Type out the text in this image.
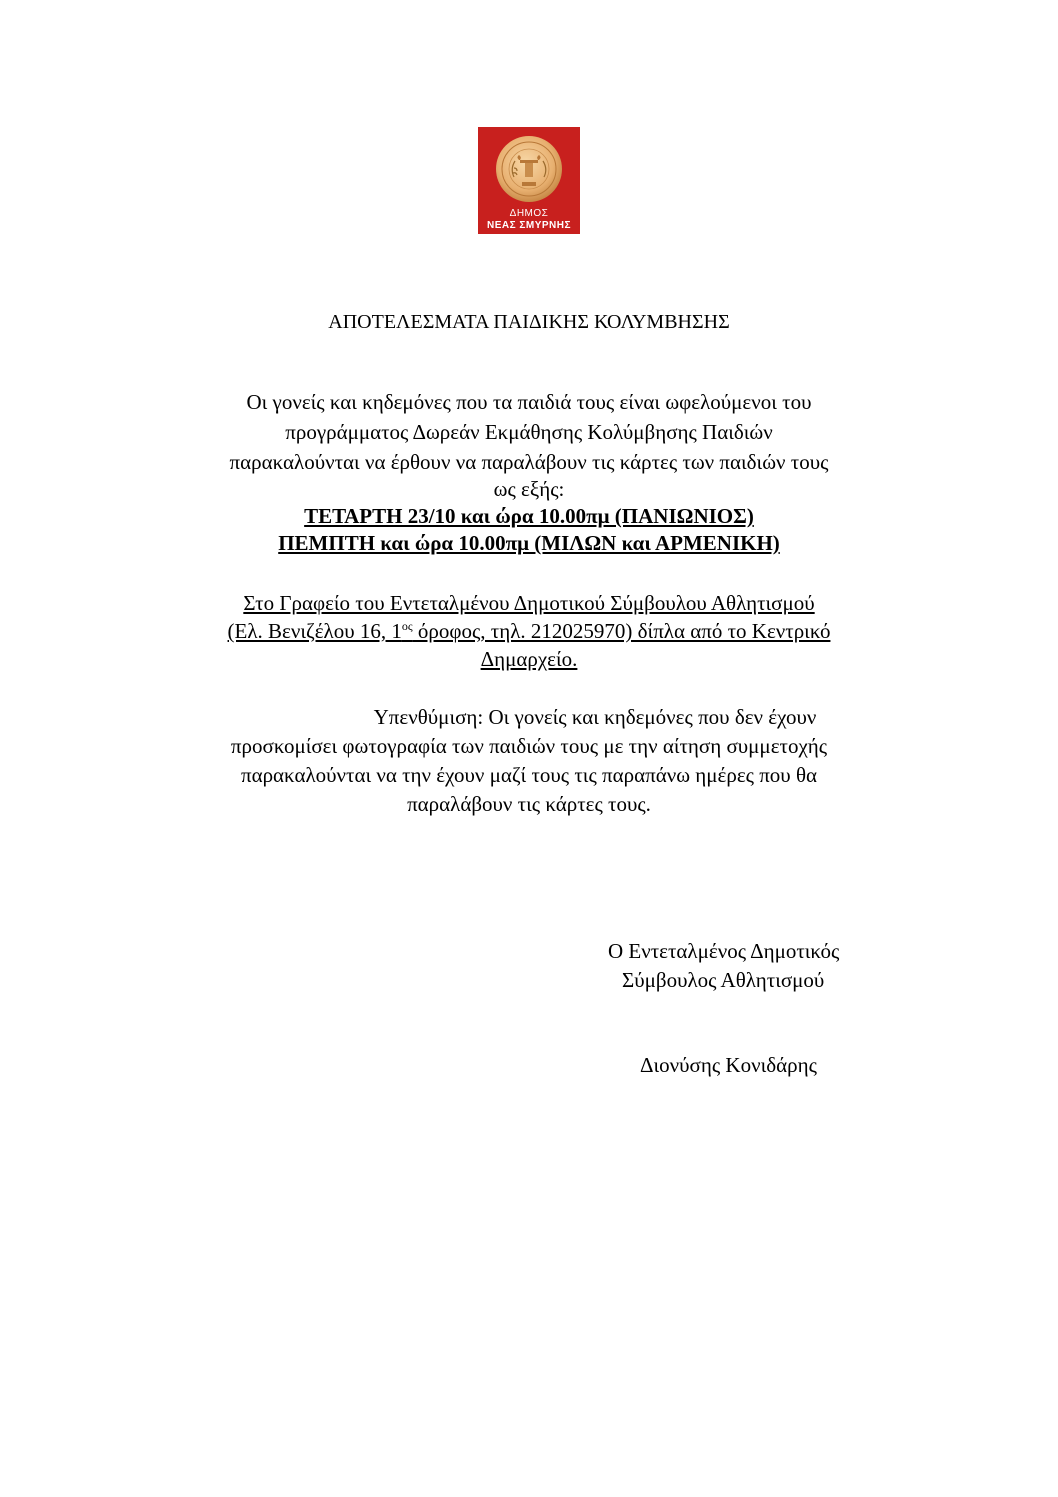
ΔΗΜΟΣ
ΝΕΑΣ ΣΜΥΡΝΗΣ
ΑΠΟΤΕΛΕΣΜΑΤΑ ΠΑΙΔΙΚΗΣ ΚΟΛΥΜΒΗΣΗΣ
Οι γονείς και κηδεμόνες που τα παιδιά τους είναι ωφελούμενοι του
προγράμματος Δωρεάν Εκμάθησης Κολύμβησης Παιδιών
παρακαλούνται να έρθουν να παραλάβουν τις κάρτες των παιδιών τους
ως εξής:
ΤΕΤΑΡΤΗ 23/10 και ώρα 10.00πμ (ΠΑΝΙΩΝΙΟΣ)
ΠΕΜΠΤΗ και ώρα 10.00πμ (ΜΙΛΩΝ και ΑΡΜΕΝΙΚΗ)
Στο Γραφείο του Εντεταλμένου Δημοτικού Σύμβουλου Αθλητισμού
(Ελ. Βενιζέλου 16, $1^{o\varsigma}$ όροφος, τηλ. 212025970) δίπλα από το Κεντρικό
Δημαρχείο.
Υπενθύμιση: Οι γονείς και κηδεμόνες που δεν έχουν
προσκομίσει φωτογραφία των παιδιών τους με την αίτηση συμμετοχής
παρακαλούνται να την έχουν μαζί τους τις παραπάνω ημέρες που θα
παραλάβουν τις κάρτες τους.
Ο Εντεταλμένος Δημοτικός
Σύμβουλος Αθλητισμού
Διονύσης Κονιδάρης
